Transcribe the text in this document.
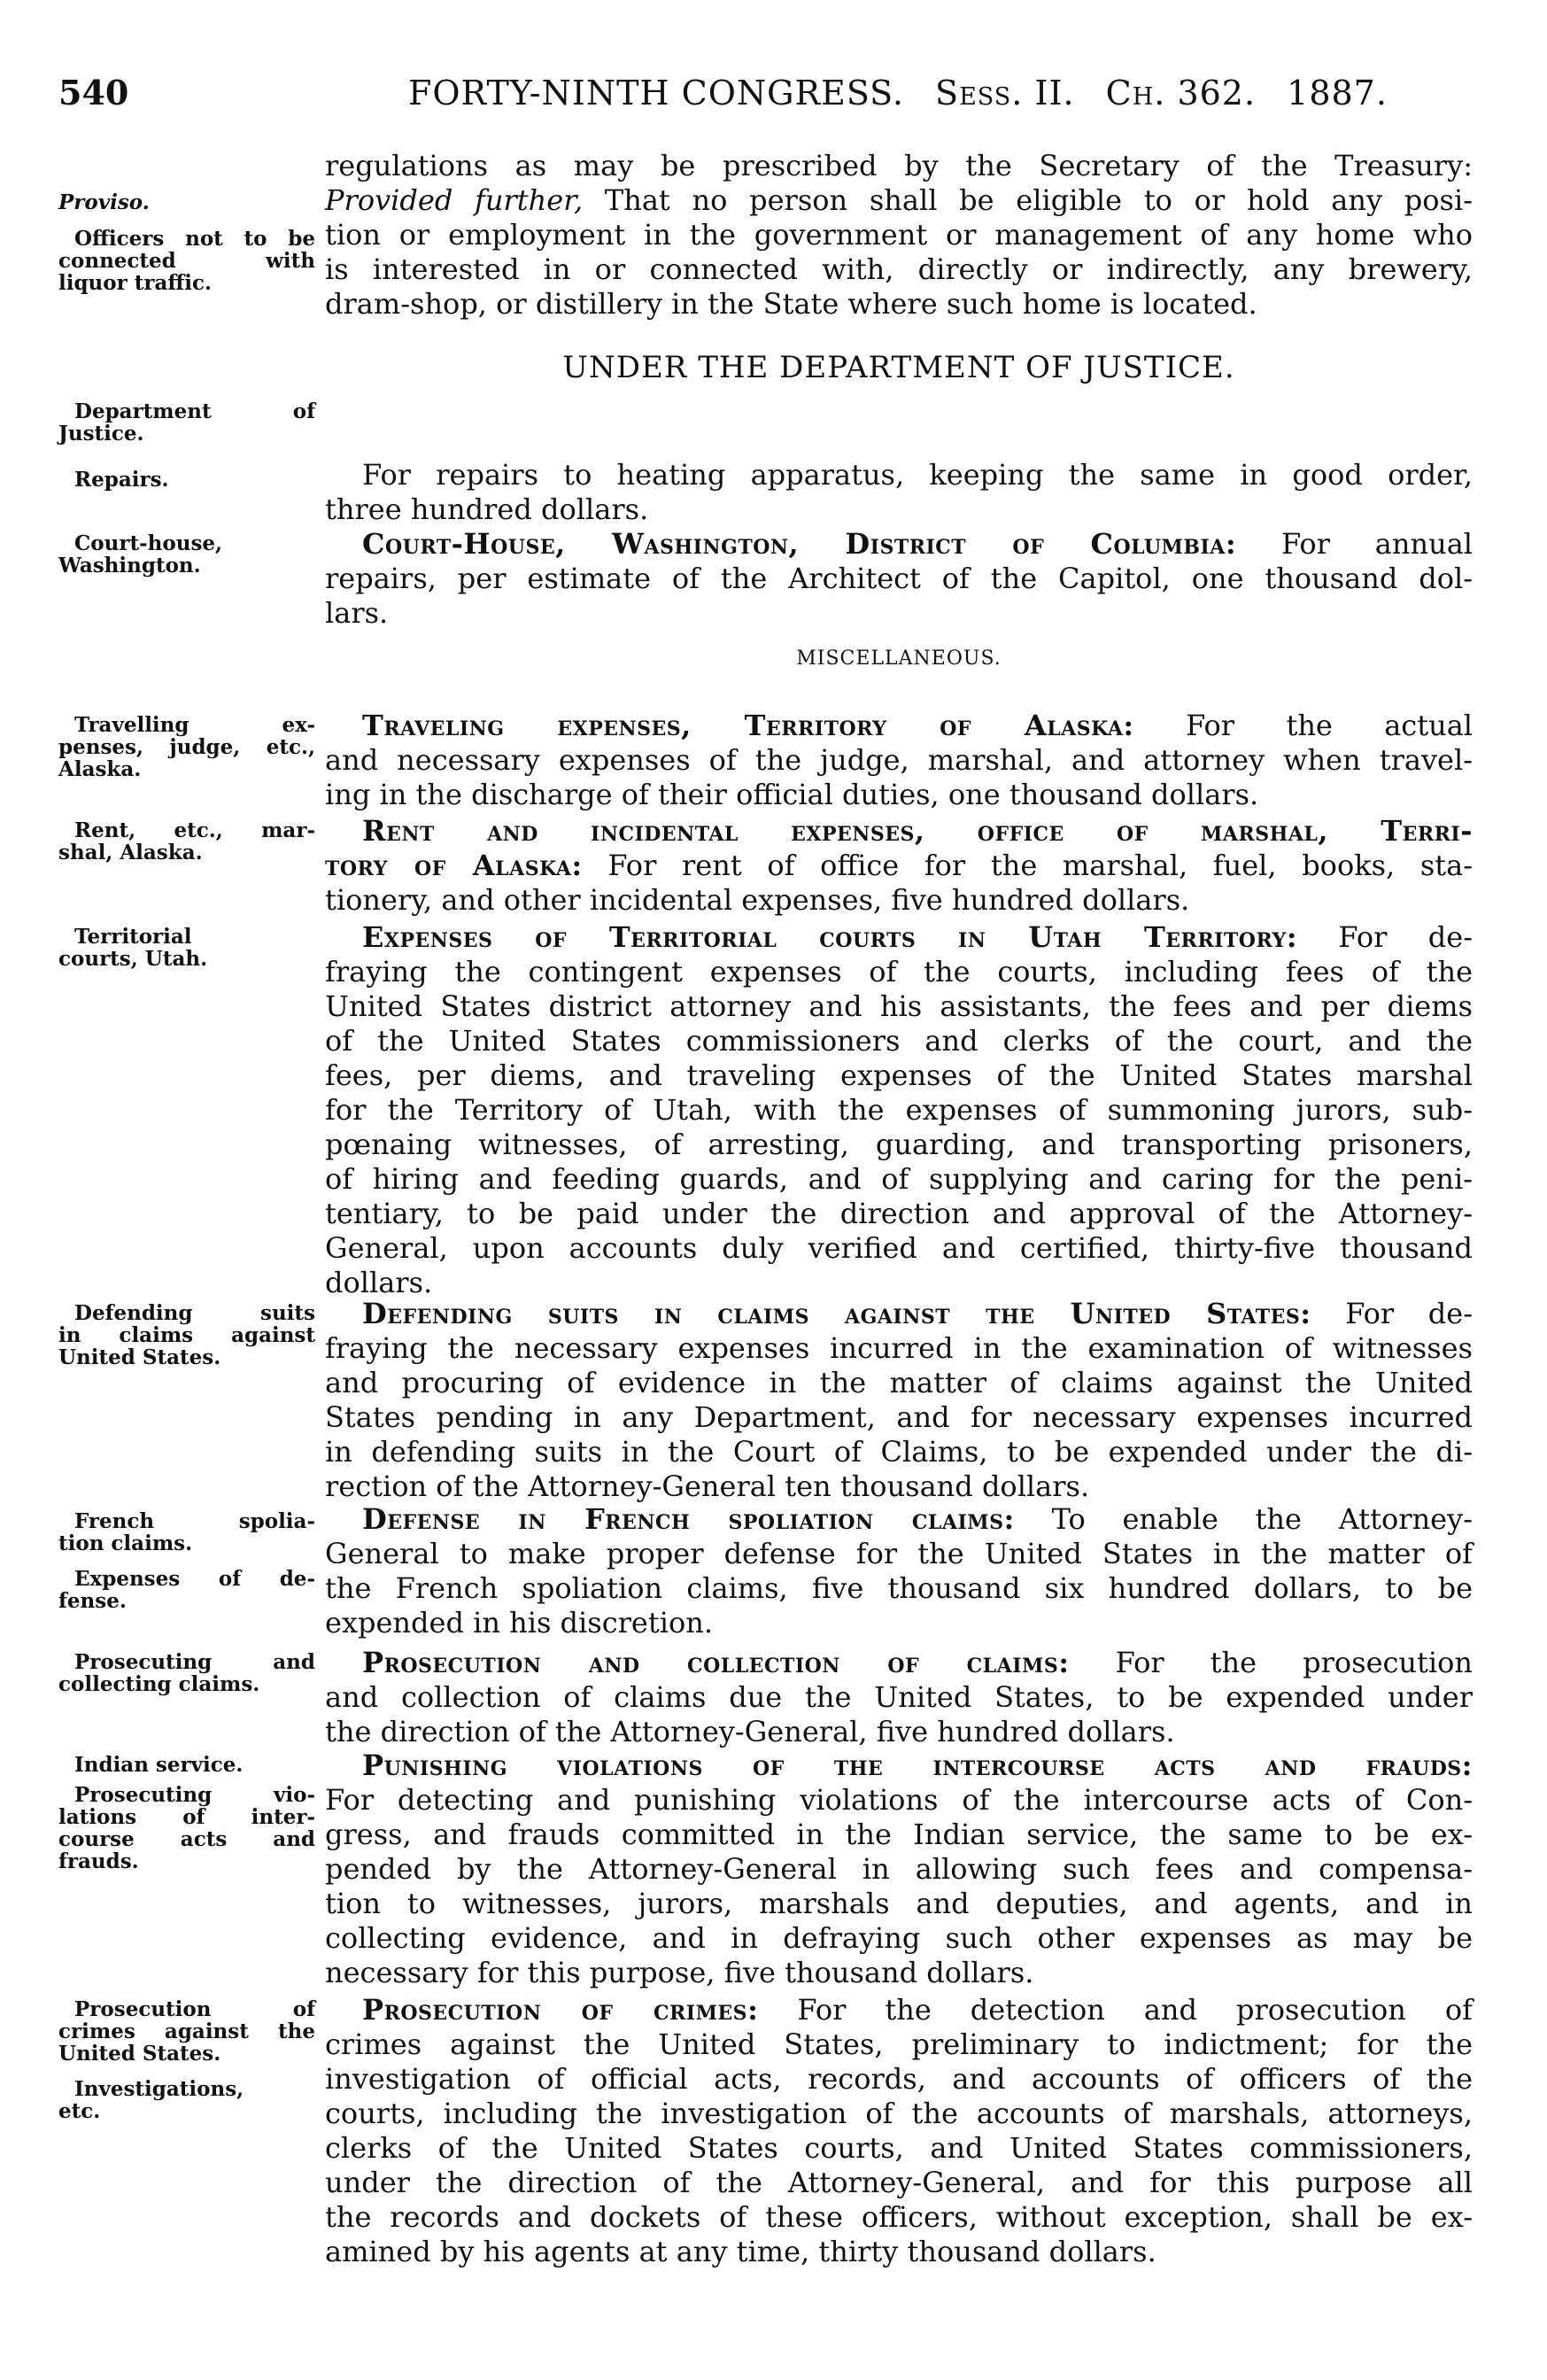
540	FORTY-NINTH CONGRESS. Sess. II. Ch. 362. 1887.
UNDER THE DEPARTMENT OF JUSTICE.
MISCELLANEOUS.
regulations as may be prescribed by the Secretary of the Treasury:
Provided further, That no person shall be eligible to or hold any posi-
tion or employment in the government or management of any home who
is interested in or connected with, directly or indirectly, any brewery,
dram-shop, or distillery in the State where such home is located.
For repairs to heating apparatus, keeping the same in good order,
three hundred dollars.
Court-House, Washington, District of Columbia: For annual
repairs, per estimate of the Architect of the Capitol, one thousand dol-
lars.
Traveling expenses, Territory of Alaska: For the actual
and necessary expenses of the judge, marshal, and attorney when travel-
ing in the discharge of their official duties, one thousand dollars.
Rent and incidental expenses, office of marshal, Terri-
tory of Alaska: For rent of office for the marshal, fuel, books, sta-
tionery, and other incidental expenses, five hundred dollars.
Expenses of Territorial courts in Utah Territory: For de-
fraying the contingent expenses of the courts, including fees of the
United States district attorney and his assistants, the fees and per diems
of the United States commissioners and clerks of the court, and the
fees, per diems, and traveling expenses of the United States marshal
for the Territory of Utah, with the expenses of summoning jurors, sub-
pœnaing witnesses, of arresting, guarding, and transporting prisoners,
of hiring and feeding guards, and of supplying and caring for the peni-
tentiary, to be paid under the direction and approval of the Attorney-
General, upon accounts duly verified and certified, thirty-five thousand
dollars.
Defending suits in claims against the United States: For de-
fraying the necessary expenses incurred in the examination of witnesses
and procuring of evidence in the matter of claims against the United
States pending in any Department, and for necessary expenses incurred
in defending suits in the Court of Claims, to be expended under the di-
rection of the Attorney-General ten thousand dollars.
Defense in French spoliation claims: To enable the Attorney-
General to make proper defense for the United States in the matter of
the French spoliation claims, five thousand six hundred dollars, to be
expended in his discretion.
Prosecution and collection of claims: For the prosecution
and collection of claims due the United States, to be expended under
the direction of the Attorney-General, five hundred dollars.
Punishing violations of the intercourse acts and frauds:
For detecting and punishing violations of the intercourse acts of Con-
gress, and frauds committed in the Indian service, the same to be ex-
pended by the Attorney-General in allowing such fees and compensa-
tion to witnesses, jurors, marshals and deputies, and agents, and in
collecting evidence, and in defraying such other expenses as may be
necessary for this purpose, five thousand dollars.
Prosecution of crimes: For the detection and prosecution of
crimes against the United States, preliminary to indictment; for the
investigation of official acts, records, and accounts of officers of the
courts, including the investigation of the accounts of marshals, attorneys,
clerks of the United States courts, and United States commissioners,
under the direction of the Attorney-General, and for this purpose all
the records and dockets of these officers, without exception, shall be ex-
amined by his agents at any time, thirty thousand dollars.
Proviso.
Officers not to be
connected with
liquor traffic.
Department of
Justice.
Repairs.
Court-house,
Washington.
Travelling ex-
penses, judge, etc.,
Alaska.
Rent, etc., mar-
shal, Alaska.
Territorial
courts, Utah.
Defending suits
in claims against
United States.
French spolia-
tion claims.
Expenses of de-
fense.
Prosecuting and
collecting claims.
Indian service.
Prosecuting vio-
lations of inter-
course acts and
frauds.
Prosecution of
crimes against the
United States.
Investigations,
etc.
